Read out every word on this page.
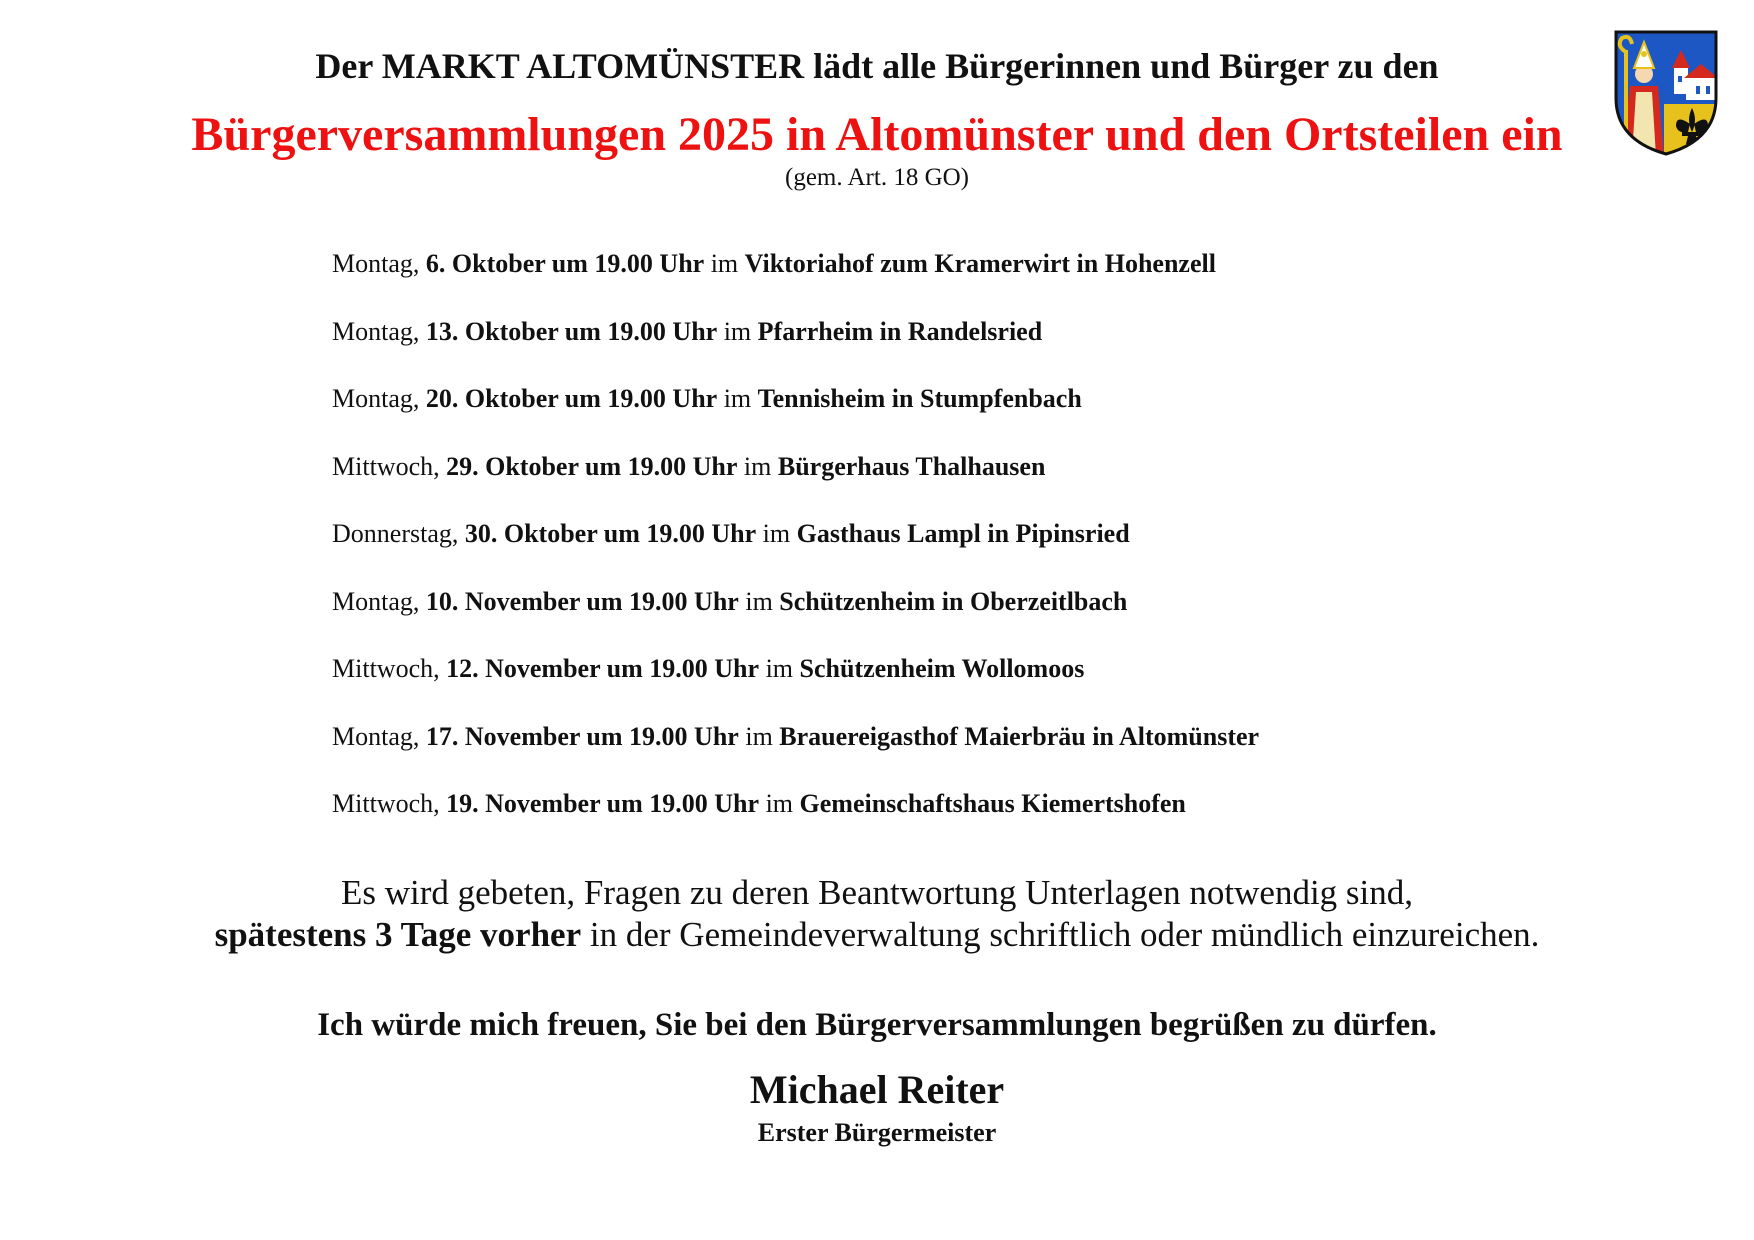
Der MARKT ALTOMÜNSTER lädt alle Bürgerinnen und Bürger zu den
Bürgerversammlungen 2025 in Altomünster und den Ortsteilen ein
(gem. Art. 18 GO)
Montag, 6. Oktober um 19.00 Uhr im Viktoriahof zum Kramerwirt in Hohenzell
Montag, 13. Oktober um 19.00 Uhr im Pfarrheim in Randelsried
Montag, 20. Oktober um 19.00 Uhr im Tennisheim in Stumpfenbach
Mittwoch, 29. Oktober um 19.00 Uhr im Bürgerhaus Thalhausen
Donnerstag, 30. Oktober um 19.00 Uhr im Gasthaus Lampl in Pipinsried
Montag, 10. November um 19.00 Uhr im Schützenheim in Oberzeitlbach
Mittwoch, 12. November um 19.00 Uhr im Schützenheim Wollomoos
Montag, 17. November um 19.00 Uhr im Brauereigasthof Maierbräu in Altomünster
Mittwoch, 19. November um 19.00 Uhr im Gemeinschaftshaus Kiemertshofen
Es wird gebeten, Fragen zu deren Beantwortung Unterlagen notwendig sind,
spätestens 3 Tage vorher in der Gemeindeverwaltung schriftlich oder mündlich einzureichen.
Ich würde mich freuen, Sie bei den Bürgerversammlungen begrüßen zu dürfen.
Michael Reiter
Erster Bürgermeister
